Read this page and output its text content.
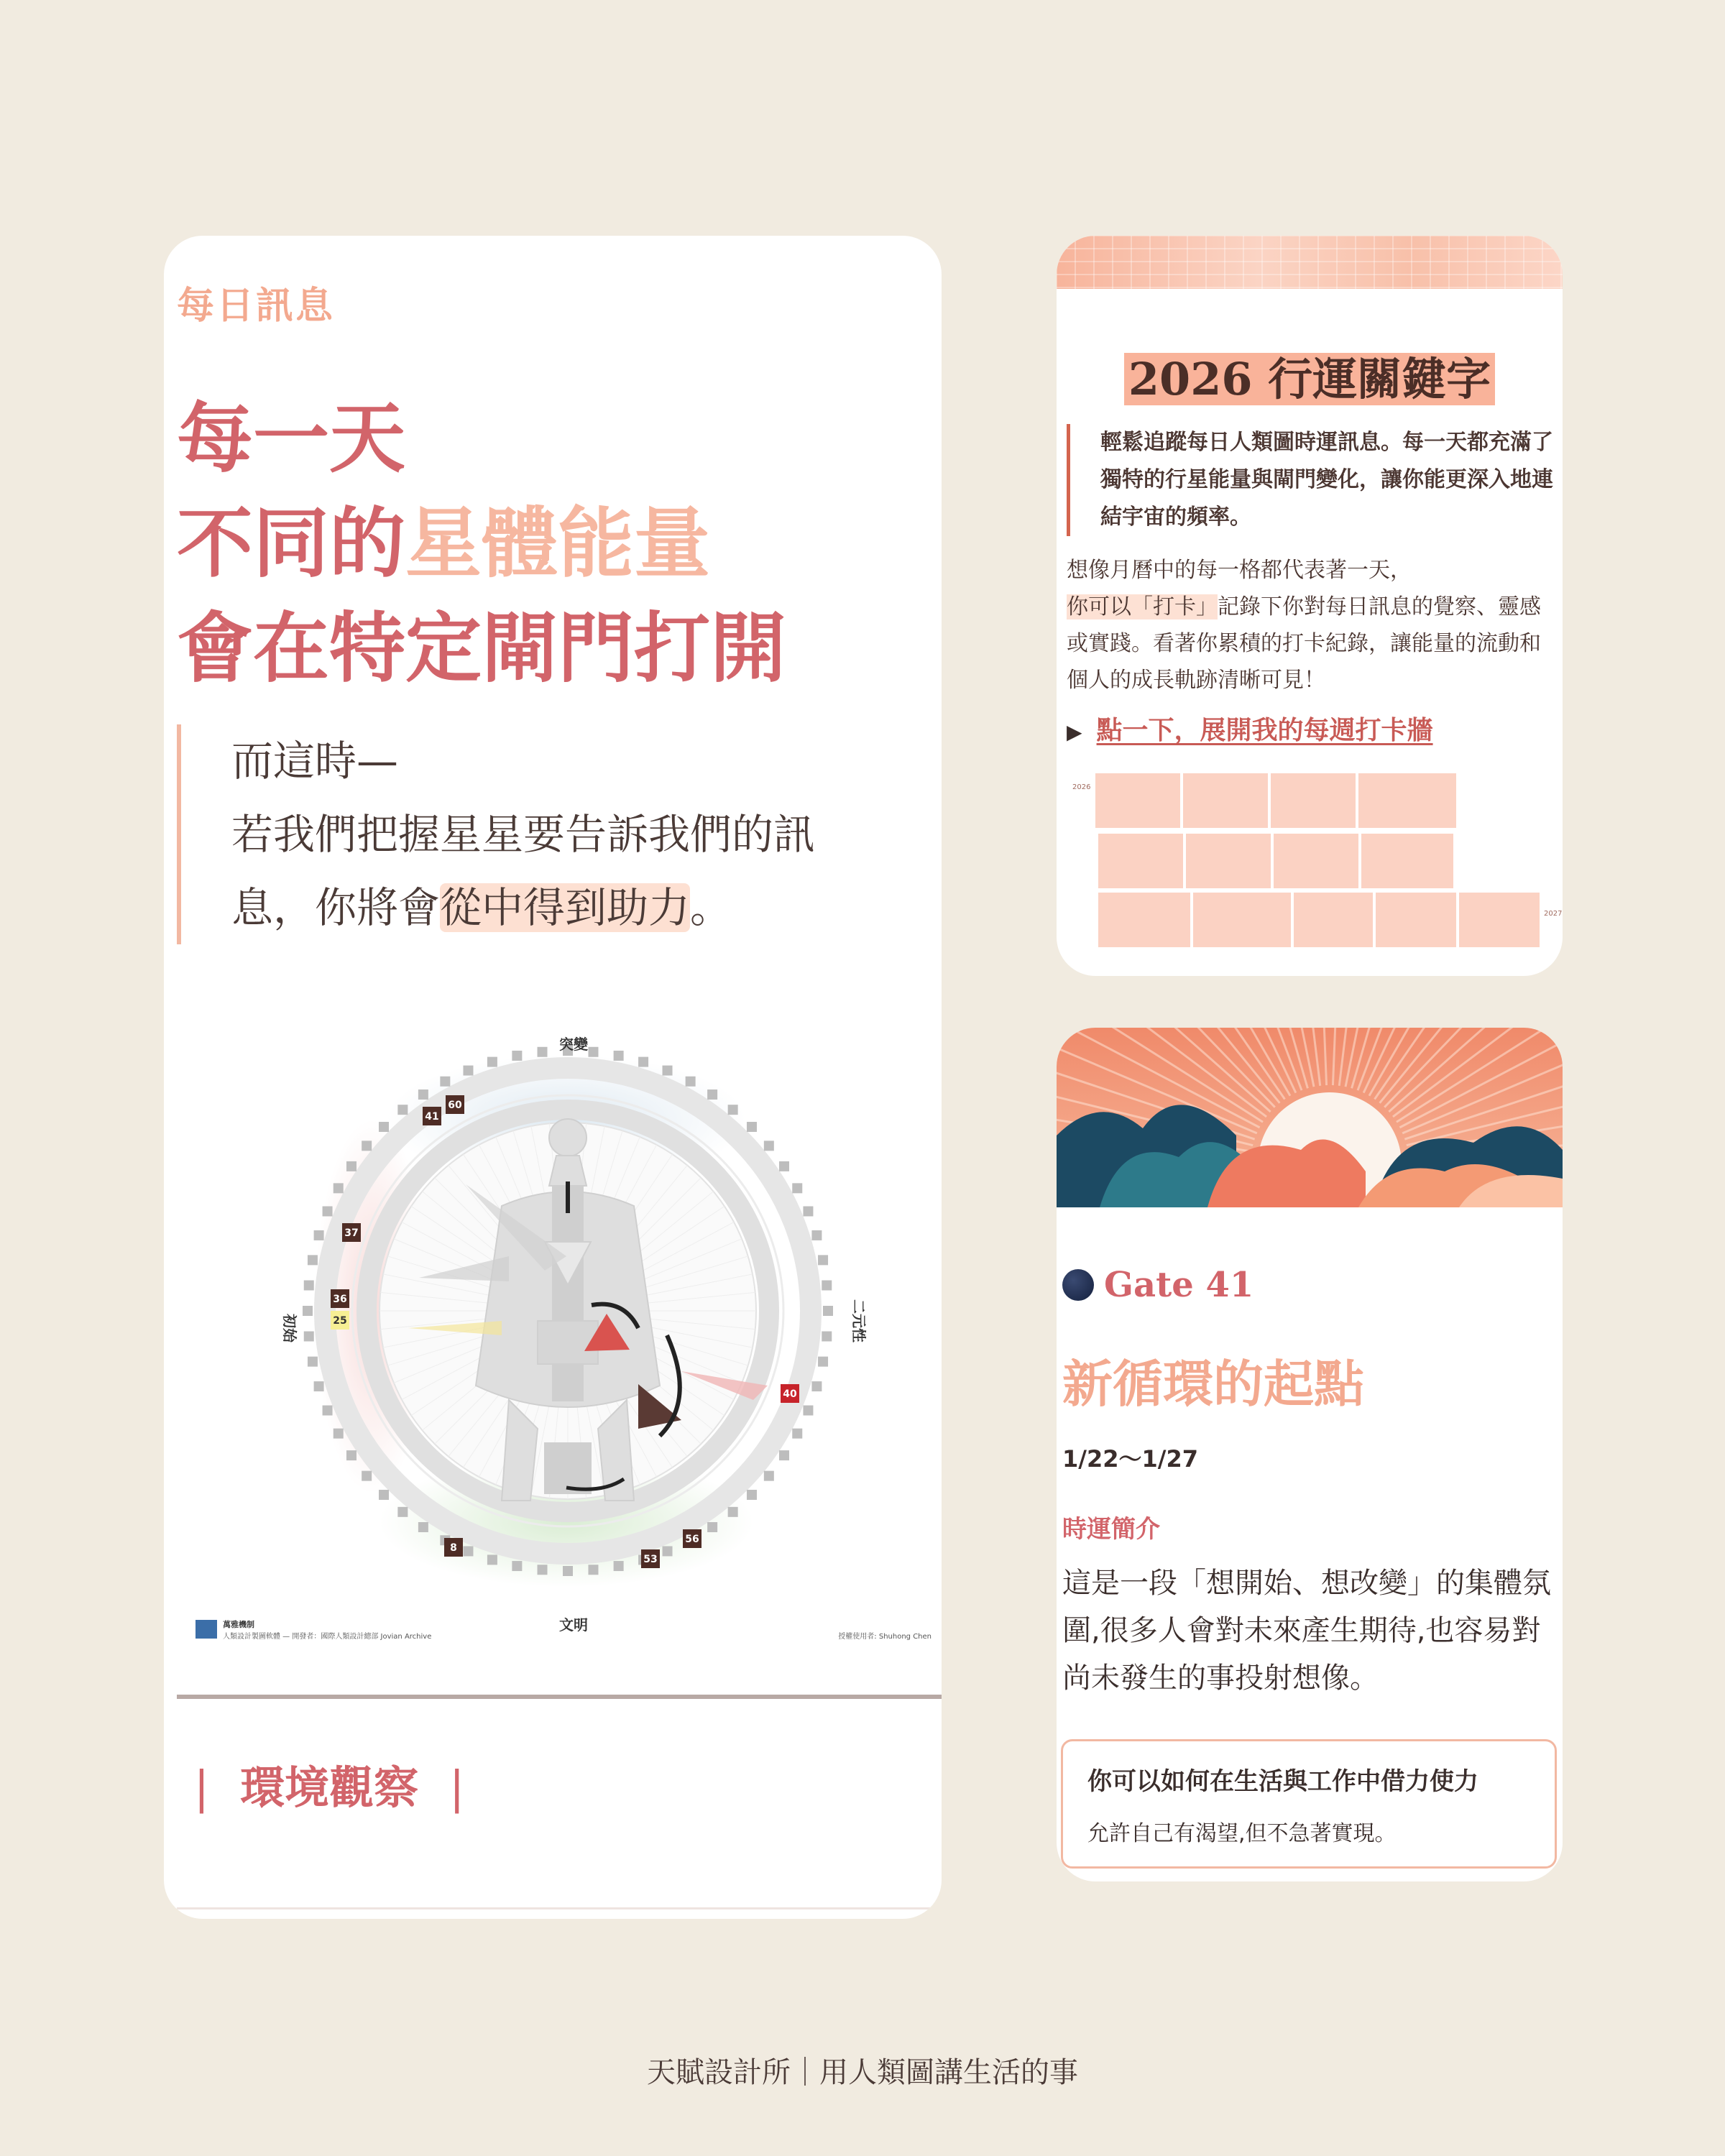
每日訊息
每一天
不同的星體能量
會在特定閘門打開
而這時—
若我們把握星星要告訴我們的訊
息，你將會從中得到助力。
60
41
37
36
25
40
8
53
56
突變
文明
初始	二元性
萬雅機制
人類設計製圖軟體 — 開發者：國際人類設計總部 Jovian Archive	授權使用者: Shuhong Chen
| 環境觀察 |
2026 行運關鍵字
輕鬆追蹤每日人類圖時運訊息。每一天都充滿了獨特的行星能量與閘門變化，讓你能更深入地連結宇宙的頻率。
想像月曆中的每一格都代表著一天，你可以「打卡」記錄下你對每日訊息的覺察、靈感或實踐。看著你累積的打卡紀錄，讓能量的流動和個人的成長軌跡清晰可見！
▶ 點一下，展開我的每週打卡牆
2026
2027
Gate 41
新循環的起點
1/22～1/27
時運簡介
這是一段「想開始、想改變」的集體氛圍,很多人會對未來產生期待,也容易對尚未發生的事投射想像。
你可以如何在生活與工作中借力使力
允許自己有渴望,但不急著實現。
天賦設計所｜用人類圖講生活的事
